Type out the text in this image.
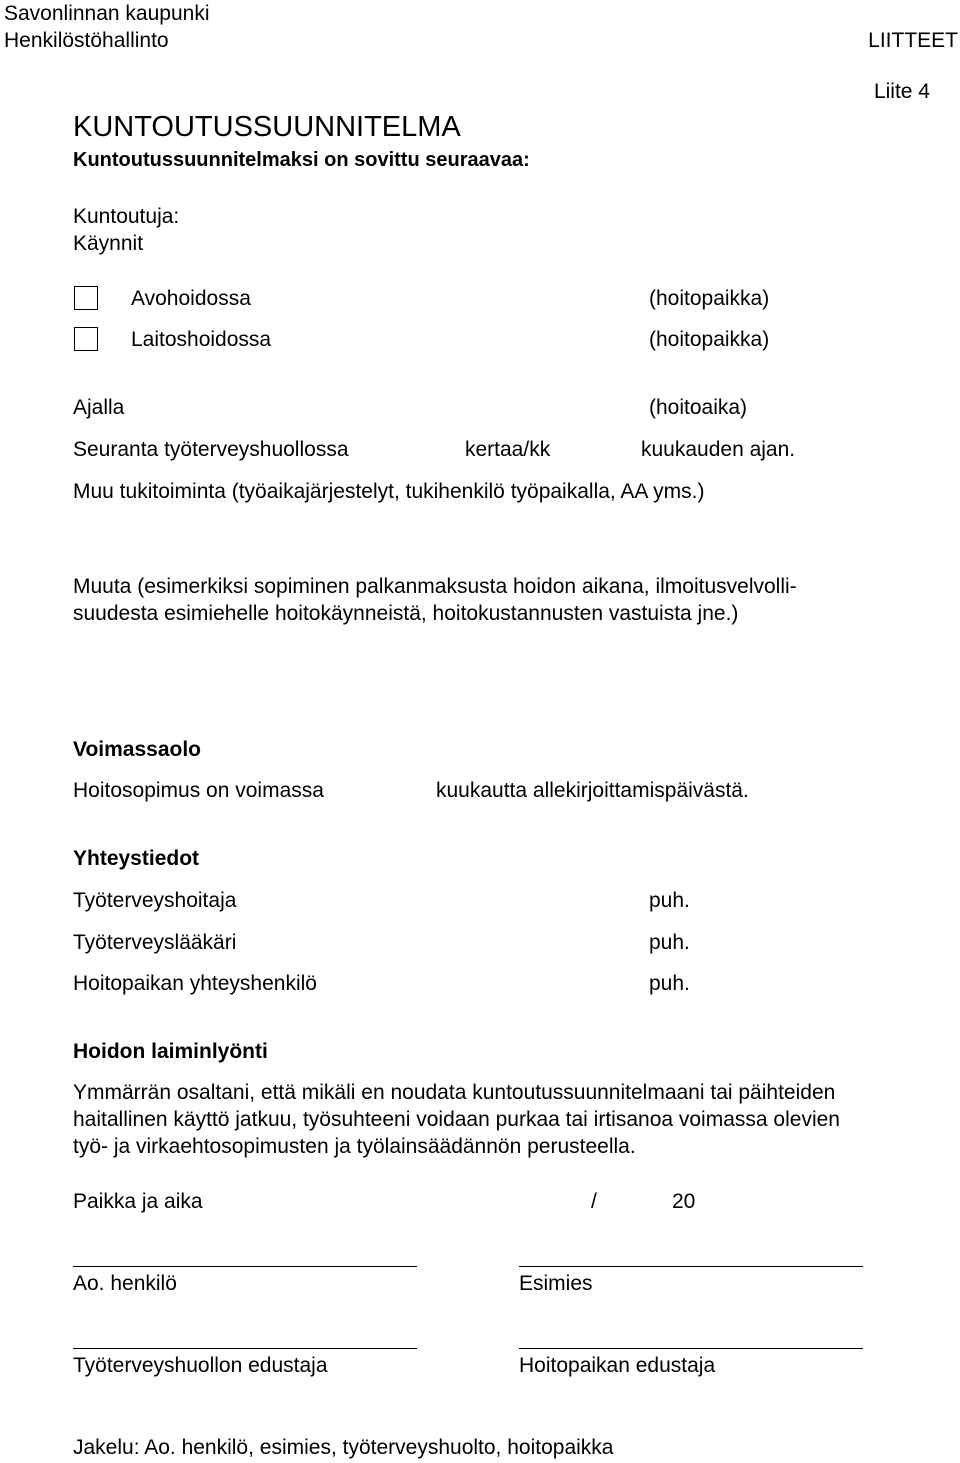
Savonlinnan kaupunki
Henkilöstöhallinto	LIITTEET
Liite 4
KUNTOUTUSSUUNNITELMA
Kuntoutussuunnitelmaksi on sovittu seuraavaa:
Kuntoutuja:
Käynnit
Avohoidossa	(hoitopaikka)
Laitoshoidossa	(hoitopaikka)
Ajalla	(hoitoaika)
Seuranta työterveyshuollossa	kertaa/kk	kuukauden ajan.
Muu tukitoiminta (työaikajärjestelyt, tukihenkilö työpaikalla, AA yms.)
Muuta (esimerkiksi sopiminen palkanmaksusta hoidon aikana, ilmoitusvelvolli-
suudesta esimiehelle hoitokäynneistä, hoitokustannusten vastuista jne.)
Voimassaolo
Hoitosopimus on voimassa	kuukautta allekirjoittamispäivästä.
Yhteystiedot
Työterveyshoitaja	puh.
Työterveyslääkäri	puh.
Hoitopaikan yhteyshenkilö	puh.
Hoidon laiminlyönti
Ymmärrän osaltani, että mikäli en noudata kuntoutussuunnitelmaani tai päihteiden
haitallinen käyttö jatkuu, työsuhteeni voidaan purkaa tai irtisanoa voimassa olevien
työ- ja virkaehtosopimusten ja työlainsäädännön perusteella.
Paikka ja aika	/	20
Ao. henkilö	Esimies
Työterveyshuollon edustaja	Hoitopaikan edustaja
Jakelu: Ao. henkilö, esimies, työterveyshuolto, hoitopaikka
